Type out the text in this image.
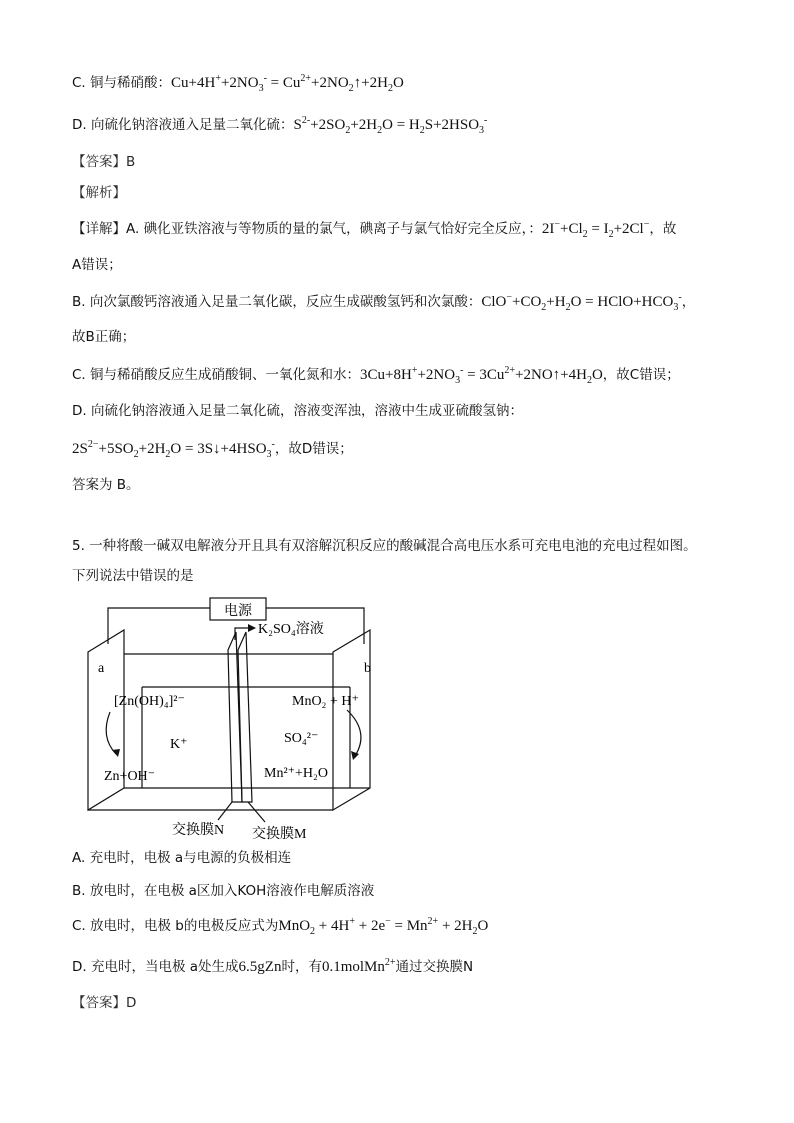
C. 铜与稀硝酸：$Cu+4H^++2NO_3^-$ = $Cu^{2+}+2NO_2↑+2H_2O$
D. 向硫化钠溶液通入足量二氧化硫：$S^{2-}+2SO_2+2H_2O = H_2S+2HSO_3^-$
【答案】B
【解析】
【详解】A. 碘化亚铁溶液与等物质的量的氯气，碘离子与氯气恰好完全反应，：$2I^-+Cl_2 = I_2+2Cl^-$，故
A错误；
B. 向次氯酸钙溶液通入足量二氧化碳，反应生成碳酸氢钙和次氯酸：$ClO^-+CO_2+H_2O$ = $HClO+HCO_3^-$，
故B正确；
C. 铜与稀硝酸反应生成硝酸铜、一氧化氮和水：$3Cu+8H^++2NO_3^-$ = $3Cu^{2+}+2NO↑+4H_2O$，故C错误；
D. 向硫化钠溶液通入足量二氧化硫，溶液变浑浊，溶液中生成亚硫酸氢钠：
$2S^{2-}+5SO_2+2H_2O$ = $3S↓+4HSO_3^-$，故D错误；
答案为 B。
5. 一种将酸一碱双电解液分开且具有双溶解沉积反应的酸碱混合高电压水系可充电电池的充电过程如图。
下列说法中错误的是
电源
K₂SO₄溶液
a	b
[Zn(OH)₄]²⁻
Zn+OH⁻
K⁺
MnO₂ + H⁺
SO₄²⁻
Mn²⁺+H₂O
交换膜N 交换膜M
A. 充电时，电极 a与电源的负极相连
B. 放电时，在电极 a区加入KOH溶液作电解质溶液
C. 放电时，电极 b的电极反应式为$MnO_2 + 4H^+ + 2e^- = Mn^{2+} + 2H_2O$
D. 充电时，当电极 a处生成6.5gZn时，有0.1molMn$^{2+}$通过交换膜N
【答案】D
